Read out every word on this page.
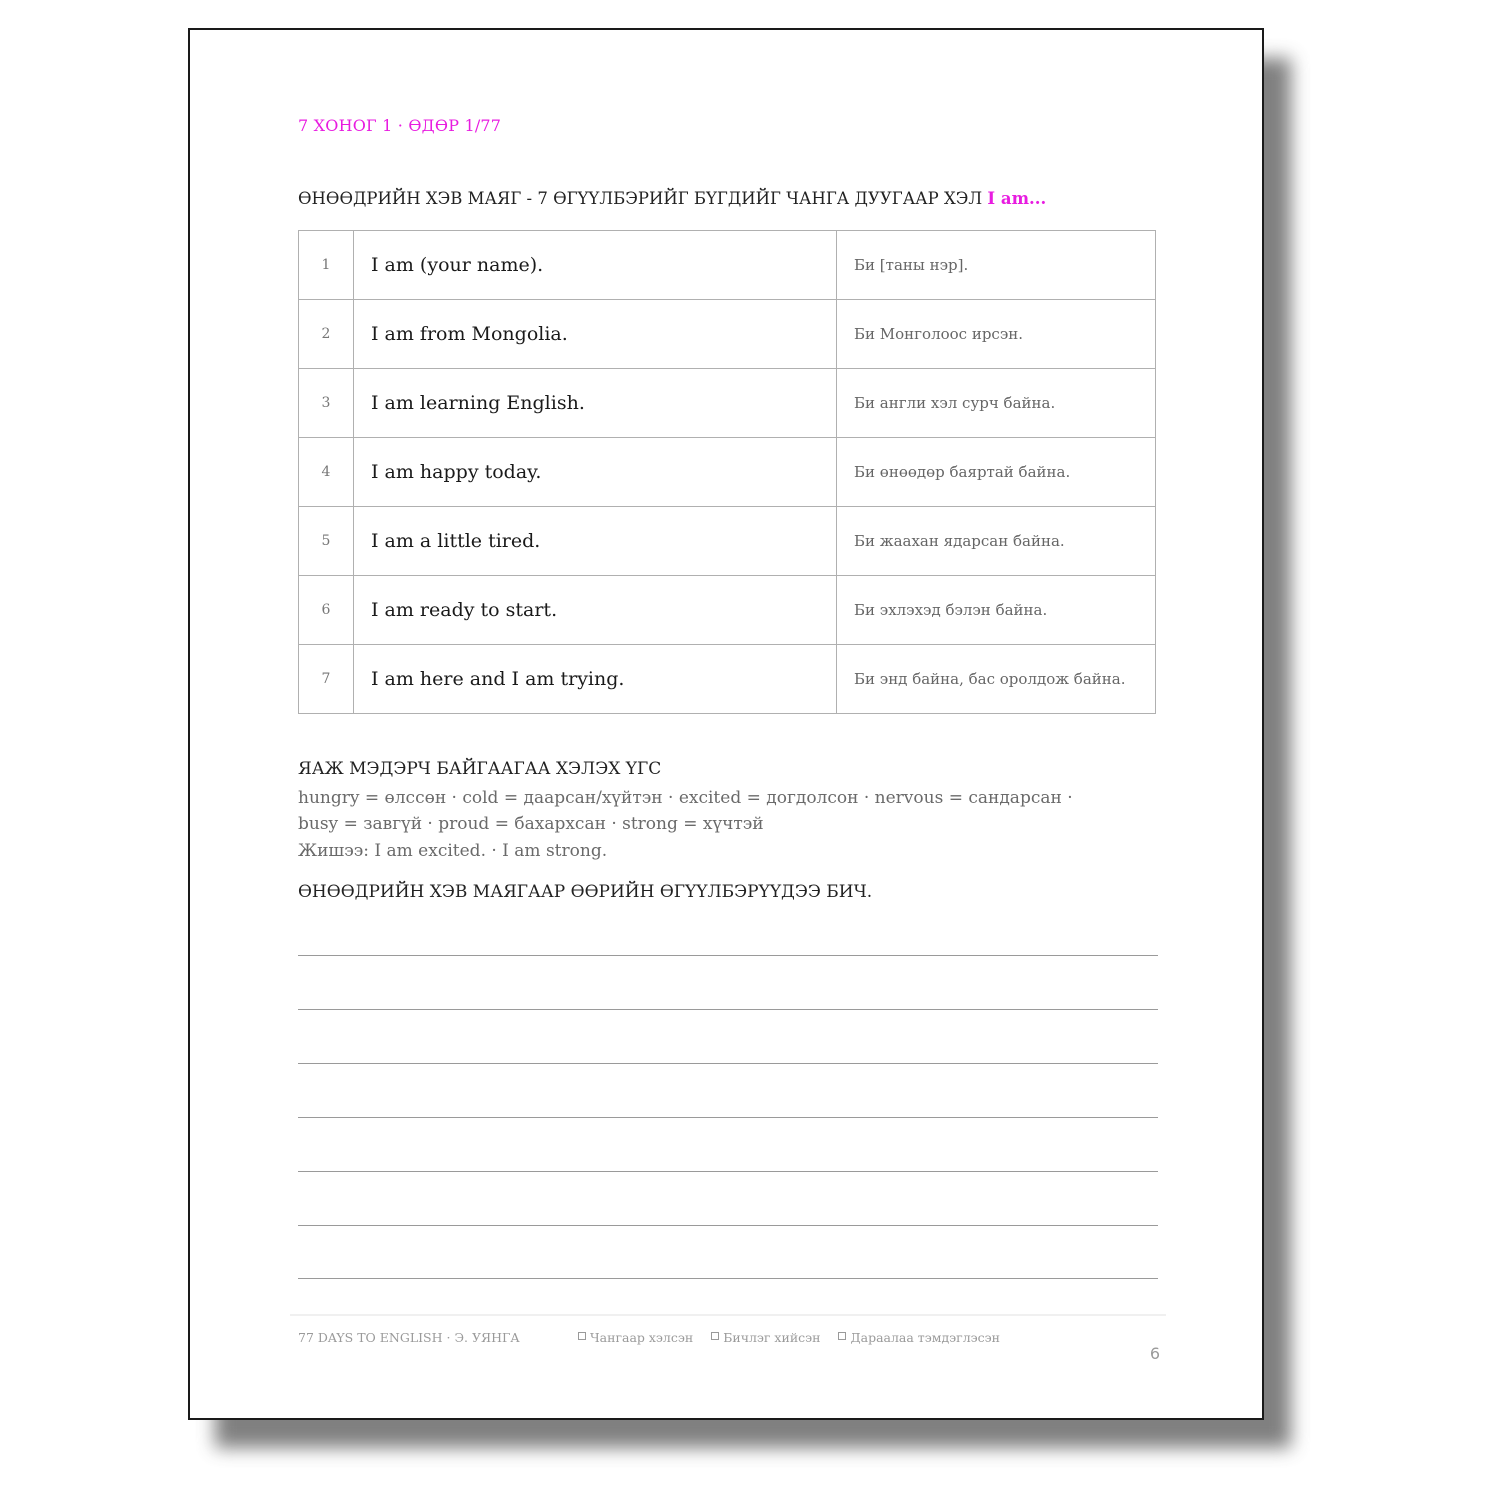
7 ХОНОГ 1 · ӨДӨР 1/77
ӨНӨӨДРИЙН ХЭВ МАЯГ - 7 ӨГҮҮЛБЭРИЙГ БҮГДИЙГ ЧАНГА ДУУГААР ХЭЛ I am...
1	I am (your name).	Би [таны нэр].
2	I am from Mongolia.	Би Монголоос ирсэн.
3	I am learning English.	Би англи хэл сурч байна.
4	I am happy today.	Би өнөөдөр баяртай байна.
5	I am a little tired.	Би жаахан ядарсан байна.
6	I am ready to start.	Би эхлэхэд бэлэн байна.
7	I am here and I am trying.	Би энд байна, бас оролдож байна.
ЯАЖ МЭДЭРЧ БАЙГААГАА ХЭЛЭХ ҮГС
hungry = өлссөн · cold = даарсан/хүйтэн · excited = догдолсон · nervous = сандарсан ·
busy = завгүй · proud = бахархсан · strong = хүчтэй
Жишээ: I am excited. · I am strong.
ӨНӨӨДРИЙН ХЭВ МАЯГААР ӨӨРИЙН ӨГҮҮЛБЭРҮҮДЭЭ БИЧ.
77 DAYS TO ENGLISH · Э. УЯНГА	Чангаар хэлсэн Бичлэг хийсэн Дараалаа тэмдэглэсэн
6
